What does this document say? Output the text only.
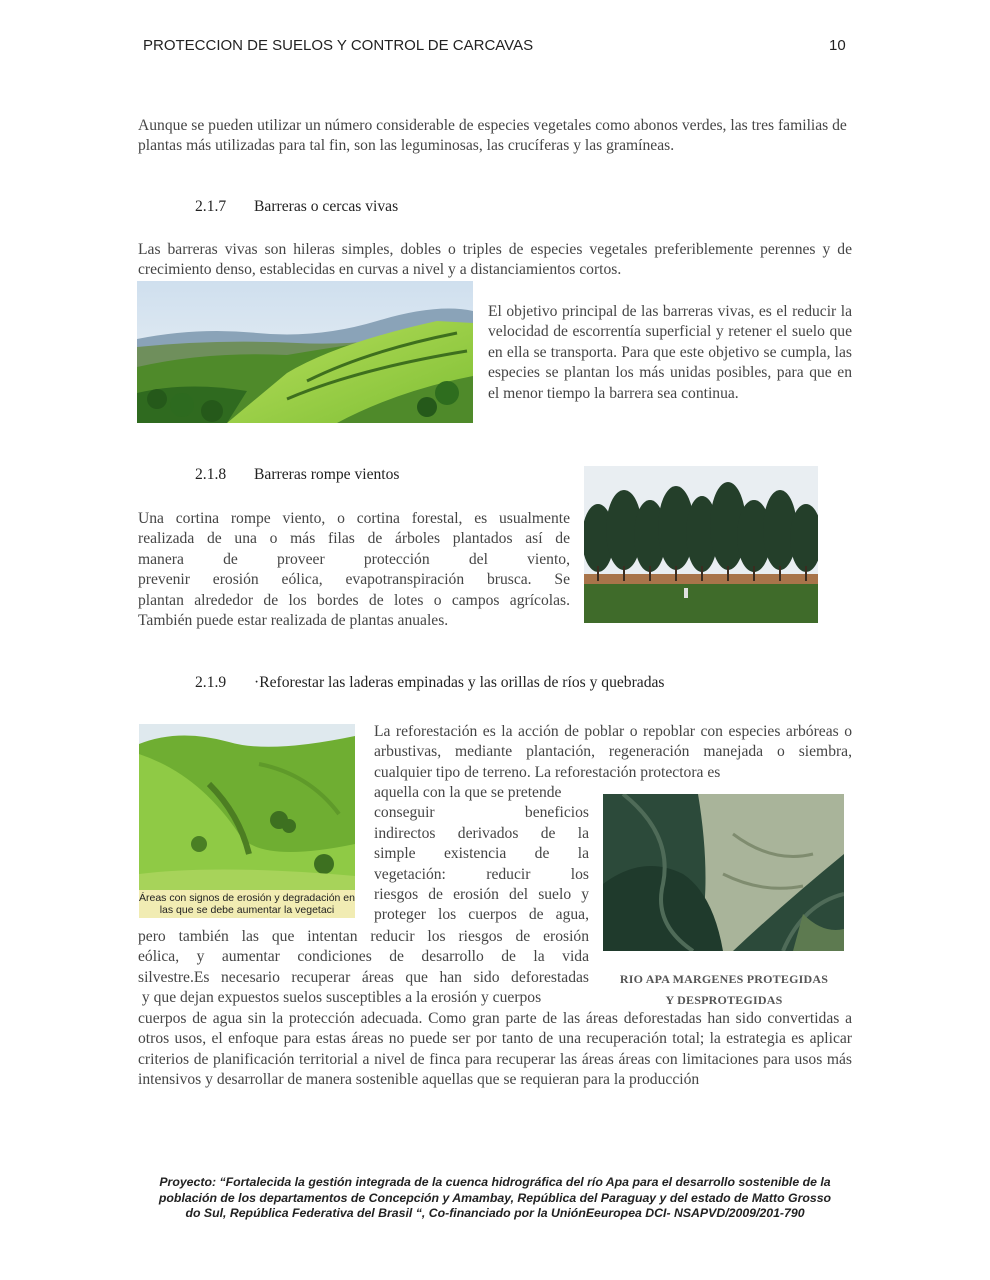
PROTECCION DE SUELOS Y CONTROL DE CARCAVAS	10
Aunque se pueden utilizar un número considerable de especies vegetales como abonos verdes, las tres familias de plantas más utilizadas para tal fin, son las leguminosas, las crucíferas y las gramíneas.
2.1.7 Barreras o cercas vivas
Las barreras vivas son hileras simples, dobles o triples de especies vegetales preferiblemente perennes y de crecimiento denso, establecidas en curvas a nivel y a distanciamientos cortos.
El objetivo principal de las barreras vivas, es el reducir la velocidad de escorrentía superficial y retener el suelo que en ella se transporta. Para que este objetivo se cumpla, las especies se plantan los más unidas posibles, para que en el menor tiempo la barrera sea continua.
2.1.8 Barreras rompe vientos
Una cortina rompe viento, o cortina forestal, es usualmente
realizada de una o más filas de árboles plantados así de
manera de proveer protección del viento,
prevenir erosión eólica, evapotranspiración brusca. Se
plantan alrededor de los bordes de lotes o campos agrícolas.
También puede estar realizada de plantas anuales.
2.1.9 ·Reforestar las laderas empinadas y las orillas de ríos y quebradas
Áreas con signos de erosión y degradación en las que se debe aumentar la vegetaci
La reforestación es la acción de poblar o repoblar con especies arbóreas o arbustivas, mediante plantación, regeneración manejada o siembra, cualquier tipo de terreno. La reforestación protectora es
aquella con la que se pretende
conseguir beneficios
indirectos derivados de la
simple existencia de la
vegetación: reducir los
riesgos de erosión del suelo y
proteger los cuerpos de agua,
pero también las que intentan reducir los riesgos de erosión
eólica, y aumentar condiciones de desarrollo de la vida
silvestre.Es necesario recuperar áreas que han sido deforestadas
y que dejan expuestos suelos susceptibles a la erosión y cuerpos
RIO APA MARGENES PROTEGIDAS
Y DESPROTEGIDAS
cuerpos de agua sin la protección adecuada. Como gran parte de las áreas deforestadas han sido convertidas a otros usos, el enfoque para estas áreas no puede ser por tanto de una recuperación total; la estrategia es aplicar criterios de planificación territorial a nivel de finca para recuperar las áreas áreas con limitaciones para usos más intensivos y desarrollar de manera sostenible aquellas que se requieran para la producción
Proyecto: “Fortalecida la gestión integrada de la cuenca hidrográfica del río Apa para el desarrollo sostenible de la
población de los departamentos de Concepción y Amambay, República del Paraguay y del estado de Matto Grosso
do Sul, República Federativa del Brasil “, Co-financiado por la UniónEeuropea DCI- NSAPVD/2009/201-790
